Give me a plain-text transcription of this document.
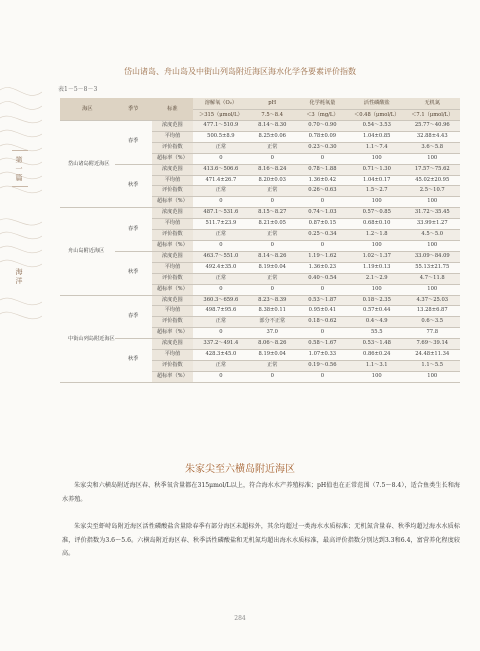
第一篇
海洋
岱山诸岛、舟山岛及中街山列岛附近海区海水化学各要素评价指数
表1－5－8－3
海区	季节	标准	溶解氧（O₂）	pH	化学耗氧量	活性磷酸盐	无机氮
			＞315（μmol/L）	7.5～8.4	＜3（mg/L）	＜0.48（μmol/L）	＜7.1（μmol/L）
岱山诸岛附近海区	春季	浓度范围	477.1～510.9	8.14～8.30	0.70～0.90	0.54～3.53	25.77～40.96
		平均值	500.5±8.9	8.25±0.06	0.78±0.09	1.04±0.85	32.88±4.43
		评价指数	正常	正常	0.23～0.30	1.1～7.4	3.6～5.8
		超标率（%）	0	0	0	100	100
	秋季	浓度范围	413.6～506.6	8.16～8.24	0.78～1.88	0.71～1.30	17.57～75.62
		平均值	471.4±26.7	8.20±0.03	1.36±0.42	1.04±0.17	45.02±20.95
		评价指数	正常	正常	0.26～0.63	1.5～2.7	2.5～10.7
		超标率（%）	0	0	0	100	100
舟山岛附近海区	春季	浓度范围	487.1～531.6	8.15～8.27	0.74～1.03	0.57～0.85	31.72～35.45
		平均值	511.7±23.9	8.21±0.05	0.87±0.15	0.68±0.10	33.99±1.27
		评价指数	正常	正常	0.25～0.34	1.2～1.8	4.5～5.0
		超标率（%）	0	0	0	100	100
	秋季	浓度范围	463.7～551.0	8.14～8.26	1.19～1.62	1.02～1.37	33.09～84.09
		平均值	492.4±35.0	8.19±0.04	1.36±0.23	1.19±0.13	55.13±21.75
		评价指数	正常	正常	0.40～0.54	2.1～2.9	4.7～11.8
		超标率（%）	0	0	0	100	100
中街山列岛附近海区	春季	浓度范围	360.3～659.6	8.23～8.39	0.53～1.87	0.18～2.35	4.37～25.03
		平均值	498.7±95.6	8.38±0.11	0.95±0.41	0.57±0.44	13.28±6.87
		评价指数	正常	部分不正常	0.18～0.62	0.4～4.9	0.6～3.5
		超标率（%）	0	37.0	0	55.5	77.8
	秋季	浓度范围	337.2～491.4	8.06～8.26	0.58～1.67	0.53～1.48	7.69～39.14
		平均值	428.3±45.0	8.19±0.04	1.07±0.33	0.86±0.24	24.48±11.34
		评价指数	正常	正常	0.19～0.56	1.1～3.1	1.1～5.5
		超标率（%）	0	0	0	100	100
朱家尖至六横岛附近海区
朱家尖和六横岛附近海区春、秋季氧含量都在315μmol/L以上，符合海水水产养殖标准；pH值也在正常范围（7.5～8.4），适合鱼类生长和海水养殖。
朱家尖至虾峙岛附近海区活性磷酸盐含量除春季有部分海区未超标外，其余均超过一类海水水质标准；无机氮含量春、秋季均超过海水水质标准，评价指数为3.6～5.6。六横岛附近海区春、秋季活性磷酸盐和无机氮均超出海水水质标准，最高评价指数分别达到3.3和6.4，富营养化程度较高。
284
